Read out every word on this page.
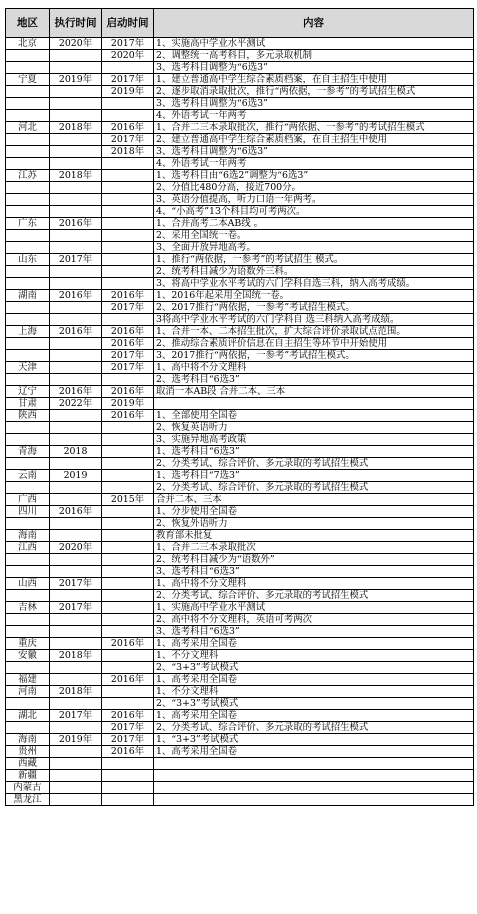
地区	执行时间	启动时间	内容
北京	2020年	2017年	1、实施高中学业水平测试
		2020年	2、调整统一高考科目，多元录取机制
			3、选考科目调整为“6选3”
宁夏	2019年	2017年	1、建立普通高中学生综合素质档案，在自主招生中使用
		2019年	2、逐步取消录取批次，推行“两依据，一参考”的考试招生模式
			3、选考科目调整为“6选3”
			4、外语考试一年两考
河北	2018年	2016年	1、合并二三本录取批次，推行“两依据、一参考”的考试招生模式
		2017年	2、建立普通高中学生综合素质档案，在自主招生中使用
		2018年	3、选考科目调整为“6选3”
			4、外语考试一年两考
江苏	2018年		1、选考科目由“6选2”调整为“6选3”
			2、分值比480分高，接近700分。
			3、英语分值提高，听力口语一年两考。
			4、“小高考”13个科目均可考两次。
广东	2016年		1、合并高考二本AB线 。
			2、采用全国统一卷。
			3、全面开放异地高考。
山东	2017年		1、推行“两依据，一参考”的考试招生 模式。
			2、统考科目减少为语数外三科。
			3、将高中学业水平考试的六门学科自选三科，纳入高考成绩。
湖南	2016年	2016年	1、2016年起采用全国统一卷。
		2017年	2、2017推行“两依据，一参考”考试招生模式。
			3将高中学业水平考试的六门学科自 选三科纳入高考成绩。
上海	2016年	2016年	1、合并一本、二本招生批次，扩大综合评价录取试点范围。
		2016年	2、推动综合素质评价信息在自主招生等环节中开始使用
		2017年	3、2017推行“两依据，一参考”考试招生模式。
天津		2017年	1、高中将不分文理科
			2、选考科目“6选3”
辽宁	2016年	2016年	取消一本AB段 合并二本、三本
甘肃	2022年	2019年	
陕西		2016年	1、全部使用全国卷
			2、恢复英语听力
			3、实施异地高考政策
青海	2018		1、选考科目“6选3”
			2、分类考试、综合评价、多元录取的考试招生模式
云南	2019		1、选考科目“7选3”
			2、分类考试、综合评价、多元录取的考试招生模式
广西		2015年	合并二本、三本
四川	2016年		1、分步使用全国卷
			2、恢复外语听力
海南			教育部未批复
江西	2020年		1、合并二三本录取批次
			2、统考科目减少为“语数外”
			3、选考科目“6选3”
山西	2017年		1、高中将不分文理科
			2、分类考试、综合评价、多元录取的考试招生模式
吉林	2017年		1、实施高中学业水平测试
			2、高中将不分文理科，英语可考两次
			3、选考科目“6选3”
重庆		2016年	1、高考采用全国卷
安徽	2018年		1、不分文理科
			2、“3+3”考试模式
福建		2016年	1、高考采用全国卷
河南	2018年		1、不分文理科
			2、“3+3”考试模式
湖北	2017年	2016年	1、高考采用全国卷
		2017年	2、分类考试、综合评价、多元录取的考试招生模式
海南	2019年	2017年	1、“3+3”考试模式
贵州		2016年	1、高考采用全国卷
西藏			
新疆			
内蒙古			
黑龙江			
